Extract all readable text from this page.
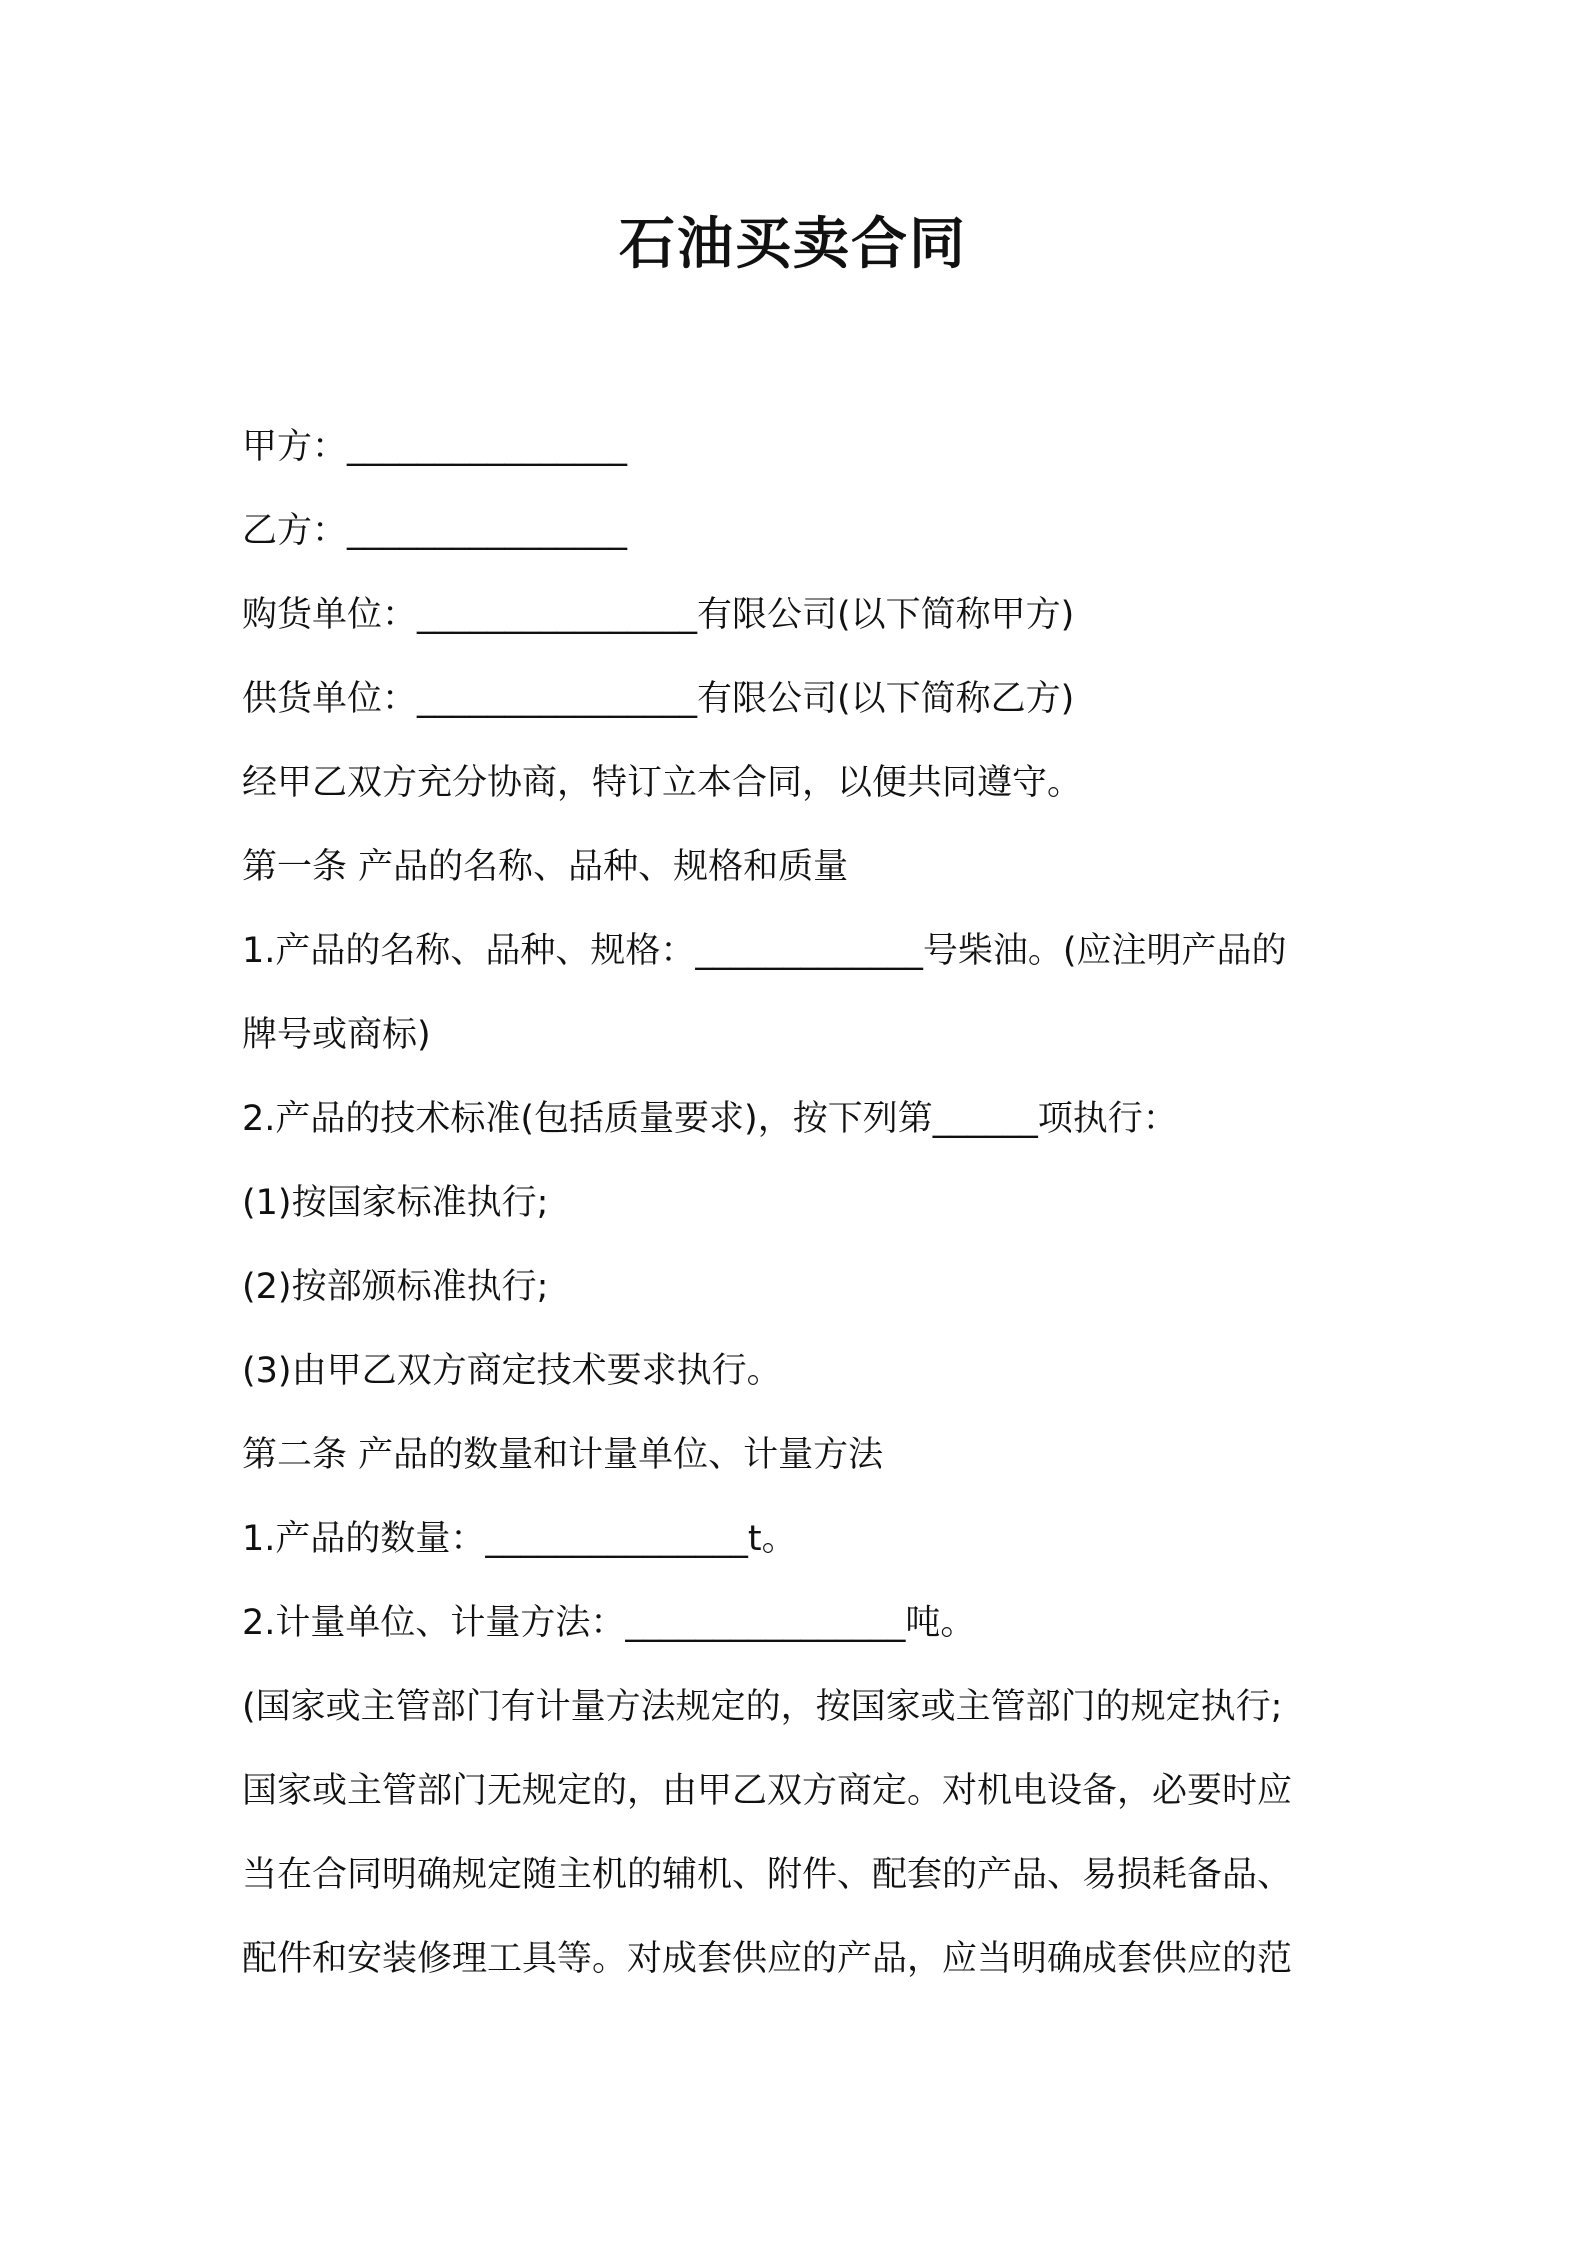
石油买卖合同
甲方：________________
乙方：________________
购货单位：________________有限公司(以下简称甲方)
供货单位：________________有限公司(以下简称乙方)
经甲乙双方充分协商，特订立本合同，以便共同遵守。
第一条 产品的名称、品种、规格和质量
1.产品的名称、品种、规格：_____________号柴油。(应注明产品的
牌号或商标)
2.产品的技术标准(包括质量要求)，按下列第______项执行：
(1)按国家标准执行;
(2)按部颁标准执行;
(3)由甲乙双方商定技术要求执行。
第二条 产品的数量和计量单位、计量方法
1.产品的数量：_______________t。
2.计量单位、计量方法：________________吨。
(国家或主管部门有计量方法规定的，按国家或主管部门的规定执行;
国家或主管部门无规定的，由甲乙双方商定。对机电设备，必要时应
当在合同明确规定随主机的辅机、附件、配套的产品、易损耗备品、
配件和安装修理工具等。对成套供应的产品，应当明确成套供应的范
